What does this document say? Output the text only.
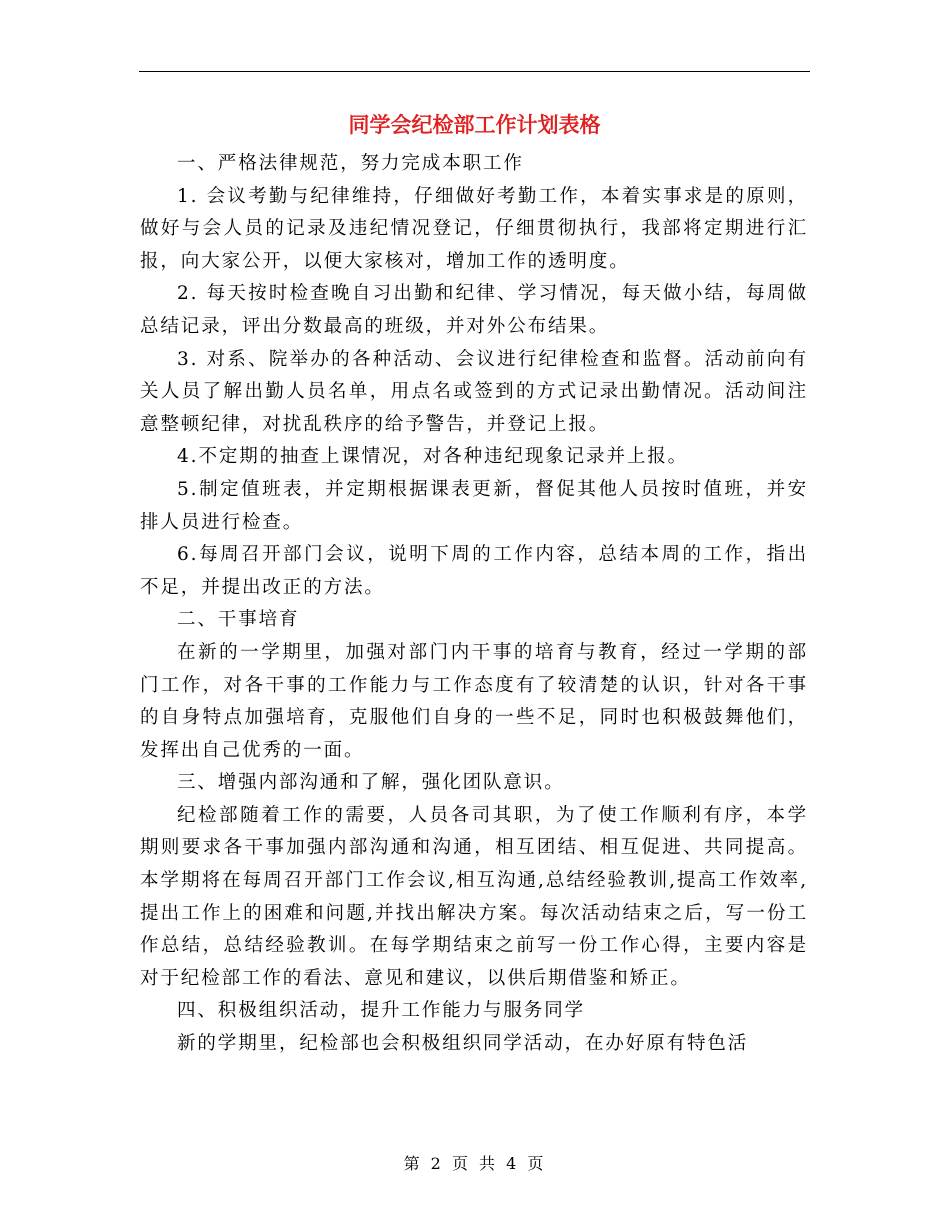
同学会纪检部工作计划表格

一、严格法律规范，努力完成本职工作

1. 会议考勤与纪律维持，仔细做好考勤工作，本着实事求是的原则，做好与会人员的记录及违纪情况登记，仔细贯彻执行，我部将定期进行汇报，向大家公开，以便大家核对，增加工作的透明度。

2. 每天按时检查晚自习出勤和纪律、学习情况，每天做小结，每周做总结记录，评出分数最高的班级，并对外公布结果。

3. 对系、院举办的各种活动、会议进行纪律检查和监督。活动前向有关人员了解出勤人员名单，用点名或签到的方式记录出勤情况。活动间注意整顿纪律，对扰乱秩序的给予警告，并登记上报。

4.不定期的抽查上课情况，对各种违纪现象记录并上报。

5.制定值班表，并定期根据课表更新，督促其他人员按时值班，并安排人员进行检查。

6.每周召开部门会议，说明下周的工作内容，总结本周的工作，指出不足，并提出改正的方法。

二、干事培育

在新的一学期里，加强对部门内干事的培育与教育，经过一学期的部门工作，对各干事的工作能力与工作态度有了较清楚的认识，针对各干事的自身特点加强培育，克服他们自身的一些不足，同时也积极鼓舞他们，发挥出自己优秀的一面。

三、增强内部沟通和了解，强化团队意识。

纪检部随着工作的需要，人员各司其职，为了使工作顺利有序，本学期则要求各干事加强内部沟通和沟通，相互团结、相互促进、共同提高。本学期将在每周召开部门工作会议,相互沟通,总结经验教训,提高工作效率,提出工作上的困难和问题,并找出解决方案。每次活动结束之后，写一份工作总结，总结经验教训。在每学期结束之前写一份工作心得，主要内容是对于纪检部工作的看法、意见和建议，以供后期借鉴和矫正。

四、积极组织活动，提升工作能力与服务同学

新的学期里，纪检部也会积极组织同学活动，在办好原有特色活

第 2 页 共 4 页
